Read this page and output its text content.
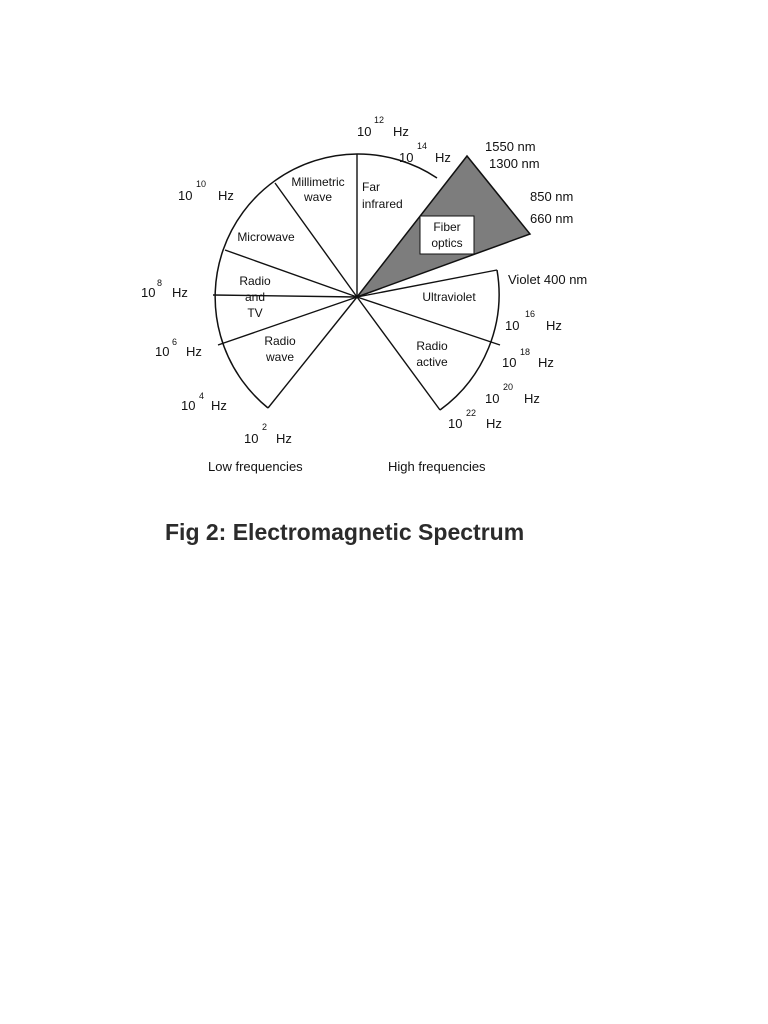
Millimetric
wave
Far
infrared
Fiber
optics
Microwave
Radio
and
TV
Radio
wave
Ultraviolet
Radio
active
10
12
Hz
10
14
Hz
10
10
Hz
10
8
Hz
10
6
Hz
10
4
Hz
10
2
Hz
10
16
Hz
10
18
Hz
10
20
Hz
10
22
Hz
1550 nm
1300 nm
850 nm
660 nm
Violet 400 nm
Low frequencies	High frequencies
Fig 2: Electromagnetic Spectrum
